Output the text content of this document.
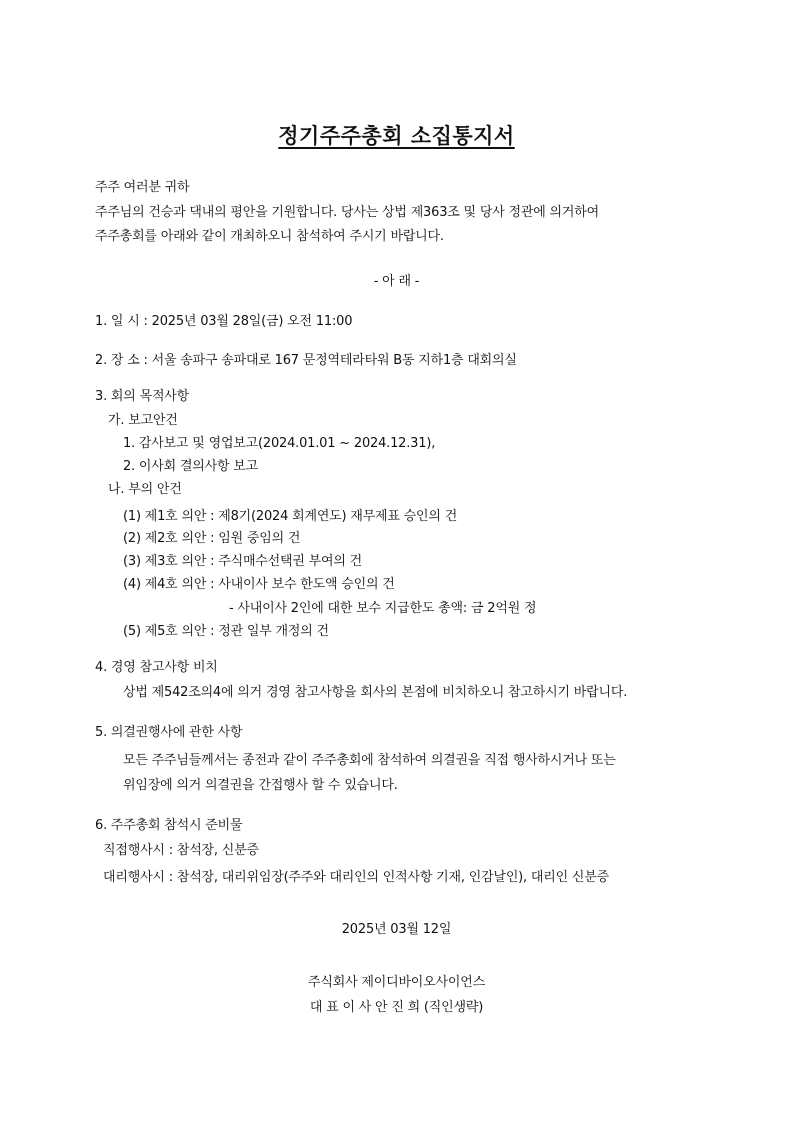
정기주주총회 소집통지서
주주 여러분 귀하
주주님의 건승과 댁내의 평안을 기원합니다. 당사는 상법 제363조 및 당사 정관에 의거하여
주주총회를 아래와 같이 개최하오니 참석하여 주시기 바랍니다.
- 아 래 -
1. 일 시 : 2025년 03월 28일(금) 오전 11:00
2. 장 소 : 서울 송파구 송파대로 167 문정역테라타워 B동 지하1층 대회의실
3. 회의 목적사항
가. 보고안건
1. 감사보고 및 영업보고(2024.01.01 ~ 2024.12.31),
2. 이사회 결의사항 보고
나. 부의 안건
(1) 제1호 의안 : 제8기(2024 회계연도) 재무제표 승인의 건
(2) 제2호 의안 : 임원 중임의 건
(3) 제3호 의안 : 주식매수선택권 부여의 건
(4) 제4호 의안 : 사내이사 보수 한도액 승인의 건
- 사내이사 2인에 대한 보수 지급한도 총액: 금 2억원 정
(5) 제5호 의안 : 정관 일부 개정의 건
4. 경영 참고사항 비치
상법 제542조의4에 의거 경영 참고사항을 회사의 본점에 비치하오니 참고하시기 바랍니다.
5. 의결권행사에 관한 사항
모든 주주님들께서는 종전과 같이 주주총회에 참석하여 의결권을 직접 행사하시거나 또는
위임장에 의거 의결권을 간접행사 할 수 있습니다.
6. 주주총회 참석시 준비물
직접행사시 : 참석장, 신분증
대리행사시 : 참석장, 대리위임장(주주와 대리인의 인적사항 기재, 인감날인), 대리인 신분증
2025년 03월 12일
주식회사 제이디바이오사이언스
대 표 이 사 안 진 희 (직인생략)
